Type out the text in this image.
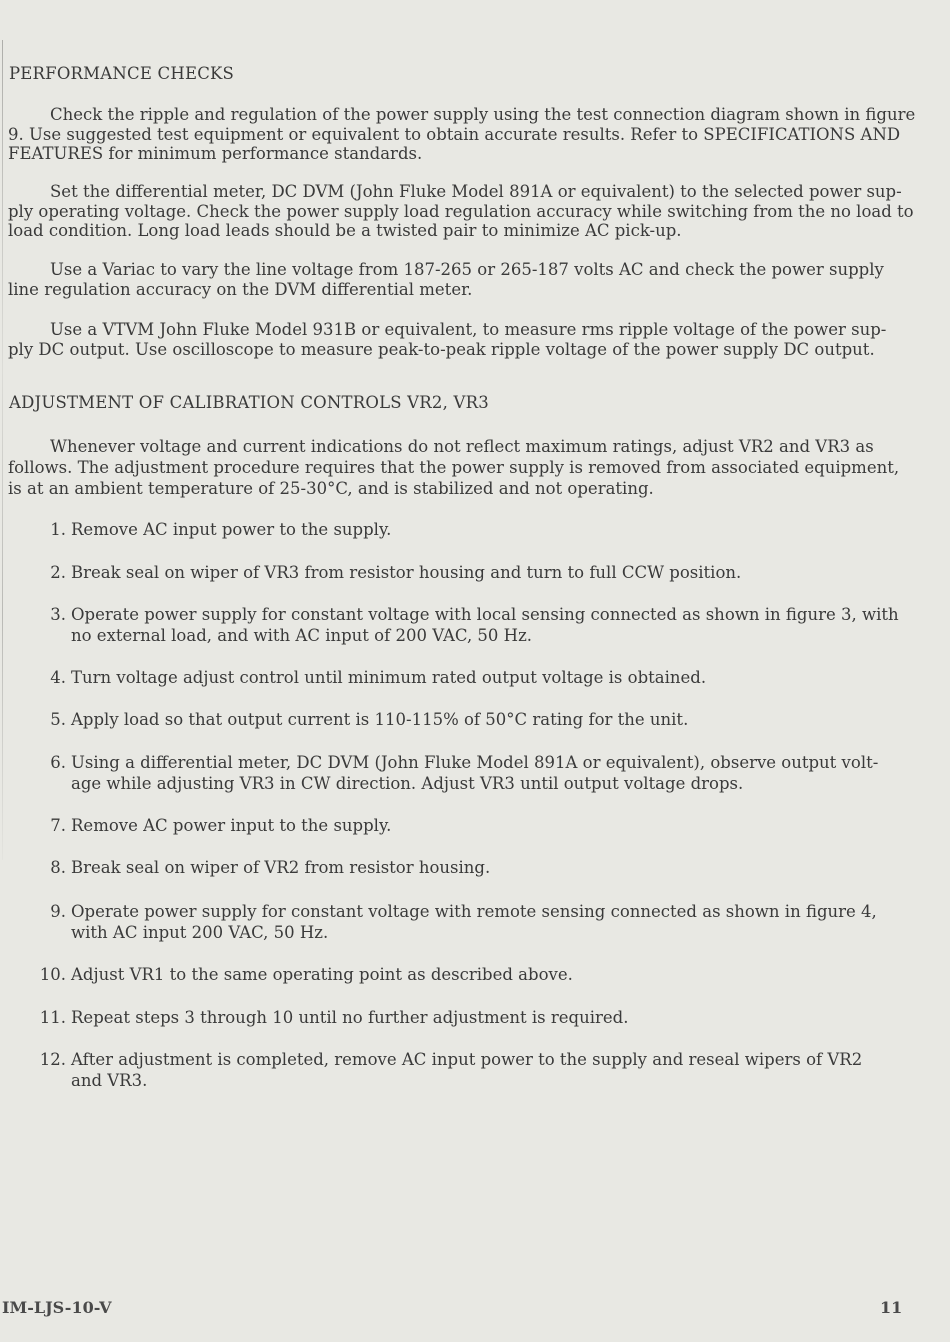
PERFORMANCE CHECKS

Check the ripple and regulation of the power supply using the test connection diagram shown in figure
9. Use suggested test equipment or equivalent to obtain accurate results. Refer to SPECIFICATIONS AND
FEATURES for minimum performance standards.

Set the differential meter, DC DVM (John Fluke Model 891A or equivalent) to the selected power sup-
ply operating voltage. Check the power supply load regulation accuracy while switching from the no load to
load condition. Long load leads should be a twisted pair to minimize AC pick-up.

Use a Variac to vary the line voltage from 187-265 or 265-187 volts AC and check the power supply
line regulation accuracy on the DVM differential meter.

Use a VTVM John Fluke Model 931B or equivalent, to measure rms ripple voltage of the power sup-
ply DC output. Use oscilloscope to measure peak-to-peak ripple voltage of the power supply DC output.

ADJUSTMENT OF CALIBRATION CONTROLS VR2, VR3

Whenever voltage and current indications do not reflect maximum ratings, adjust VR2 and VR3 as
follows. The adjustment procedure requires that the power supply is removed from associated equipment,
is at an ambient temperature of 25-30°C, and is stabilized and not operating.

1. Remove AC input power to the supply.
2. Break seal on wiper of VR3 from resistor housing and turn to full CCW position.
3. Operate power supply for constant voltage with local sensing connected as shown in figure 3, with
no external load, and with AC input of 200 VAC, 50 Hz.
4. Turn voltage adjust control until minimum rated output voltage is obtained.
5. Apply load so that output current is 110-115% of 50°C rating for the unit.
6. Using a differential meter, DC DVM (John Fluke Model 891A or equivalent), observe output volt-
age while adjusting VR3 in CW direction. Adjust VR3 until output voltage drops.
7. Remove AC power input to the supply.
8. Break seal on wiper of VR2 from resistor housing.
9. Operate power supply for constant voltage with remote sensing connected as shown in figure 4,
with AC input 200 VAC, 50 Hz.
10. Adjust VR1 to the same operating point as described above.
11. Repeat steps 3 through 10 until no further adjustment is required.
12. After adjustment is completed, remove AC input power to the supply and reseal wipers of VR2
and VR3.
IM-LJS-10-V	11
